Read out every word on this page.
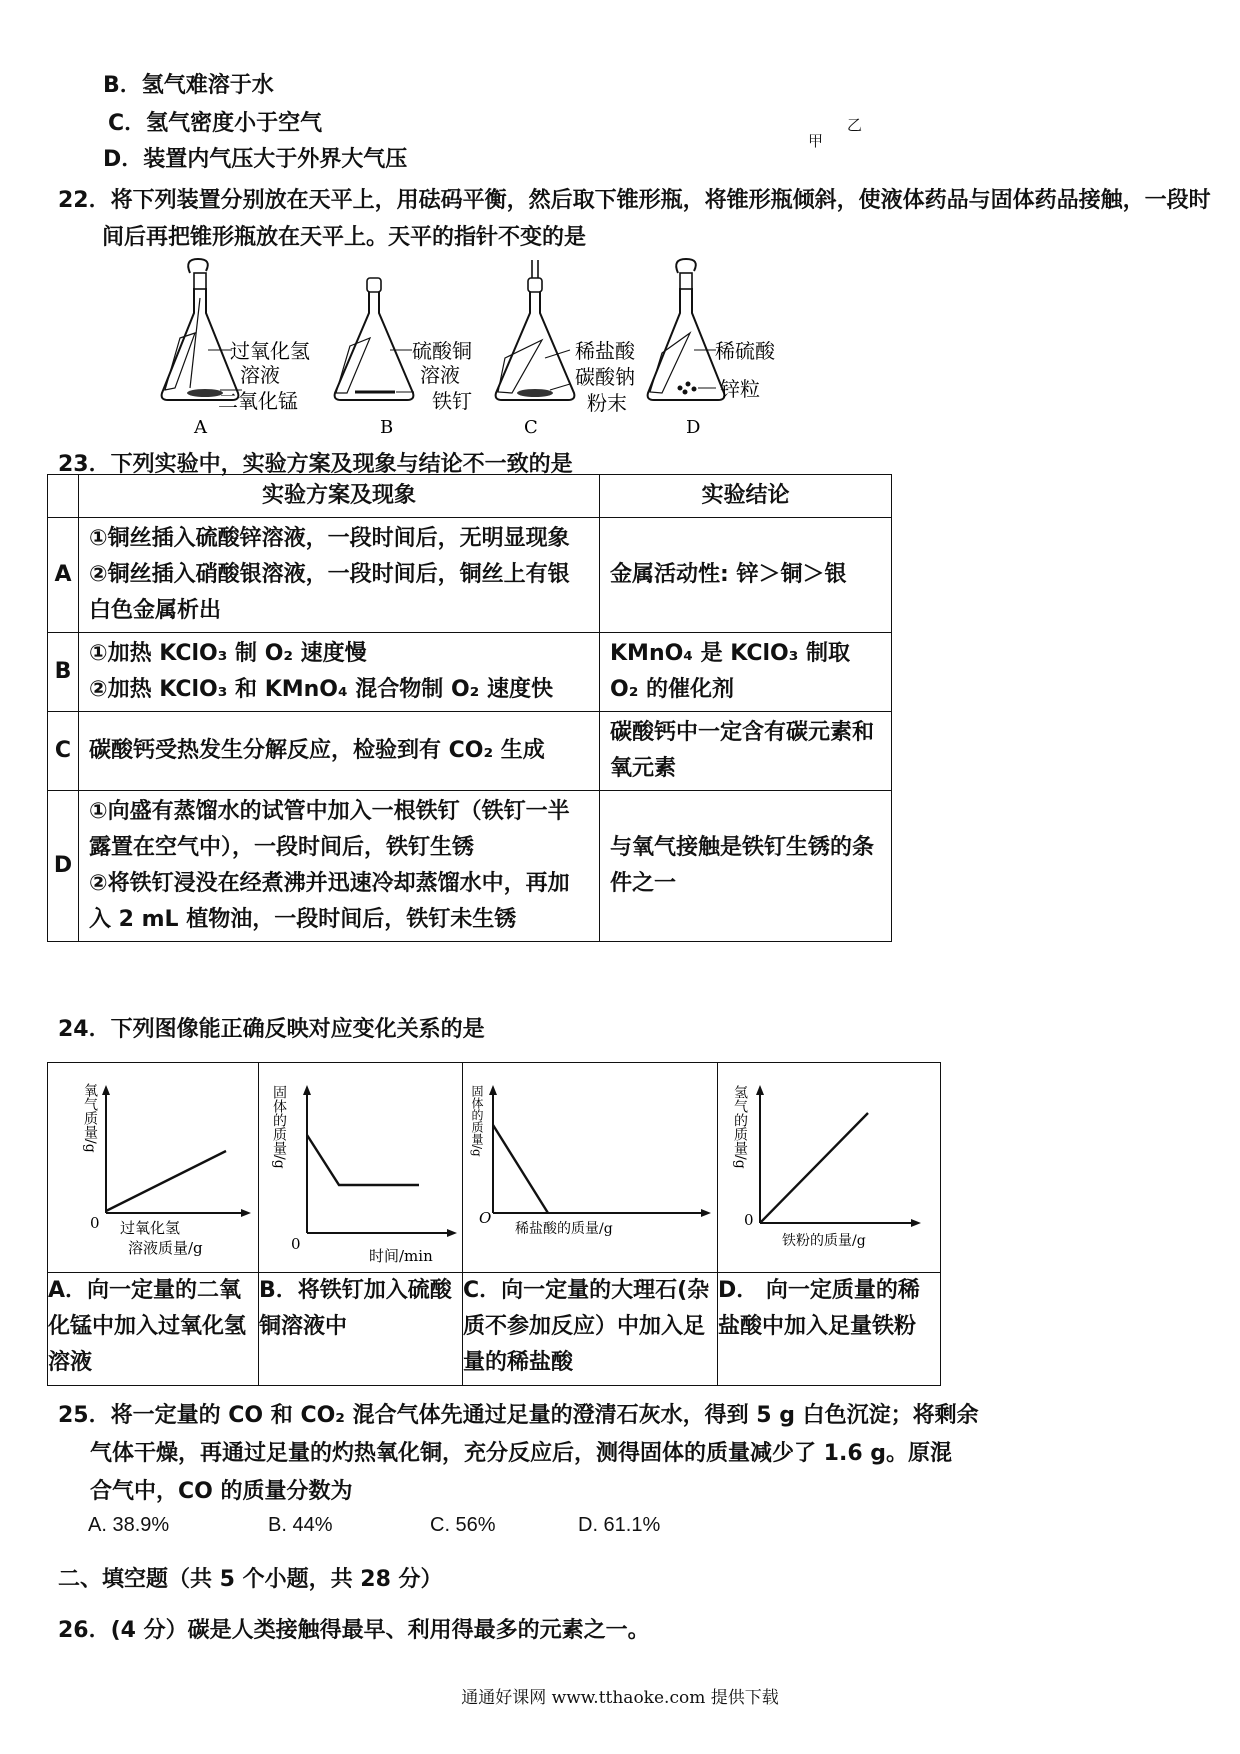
B．氢气难溶于水
C．氢气密度小于空气
D．装置内气压大于外界大气压
甲
乙
22．将下列装置分别放在天平上，用砝码平衡，然后取下锥形瓶，将锥形瓶倾斜，使液体药品与固体药品接触，一段时
间后再把锥形瓶放在天平上。天平的指针不变的是
过氧化氢
溶液
二氧化锰
A
硫酸铜
溶液
铁钉
B
稀盐酸
碳酸钠
粉末
C
稀硫酸
锌粒
D
23．下列实验中，实验方案及现象与结论不一致的是
	实验方案及现象	实验结论
A	①铜丝插入硫酸锌溶液，一段时间后，无明显现象
②铜丝插入硝酸银溶液，一段时间后，铜丝上有银白色金属析出	金属活动性: 锌＞铜＞银
B	①加热 KClO₃ 制 O₂ 速度慢
②加热 KClO₃ 和 KMnO₄ 混合物制 O₂ 速度快	KMnO₄ 是 KClO₃ 制取 O₂ 的催化剂
C	碳酸钙受热发生分解反应，检验到有 CO₂ 生成	碳酸钙中一定含有碳元素和氧元素
D	①向盛有蒸馏水的试管中加入一根铁钉（铁钉一半露置在空气中），一段时间后，铁钉生锈
②将铁钉浸没在经煮沸并迅速冷却蒸馏水中，再加入 2 mL 植物油，一段时间后，铁钉未生锈	与氧气接触是铁钉生锈的条件之一
24．下列图像能正确反映对应变化关系的是
0 过氧化氢
溶液质量/g
氧气质量/g	0
时间/min
固体的质量/g	O
稀盐酸的质量/g
固体的质量/g	0
铁粉的质量/g
氢气的质量/g

A．向一定量的二氧化锰中加入过氧化氢溶液	B．将铁钉加入硫酸铜溶液中	C．向一定量的大理石(杂质不参加反应）中加入足量的稀盐酸	D． 向一定质量的稀盐酸中加入足量铁粉
25．将一定量的 CO 和 CO₂ 混合气体先通过足量的澄清石灰水，得到 5 g 白色沉淀；将剩余
气体干燥，再通过足量的灼热氧化铜，充分反应后，测得固体的质量减少了 1.6 g。原混
合气中，CO 的质量分数为
A. 38.9%	B. 44%	C. 56%	D. 61.1%
二、填空题（共 5 个小题，共 28 分）
26．(4 分）碳是人类接触得最早、利用得最多的元素之一。
通通好课网 www.tthaoke.com 提供下载
